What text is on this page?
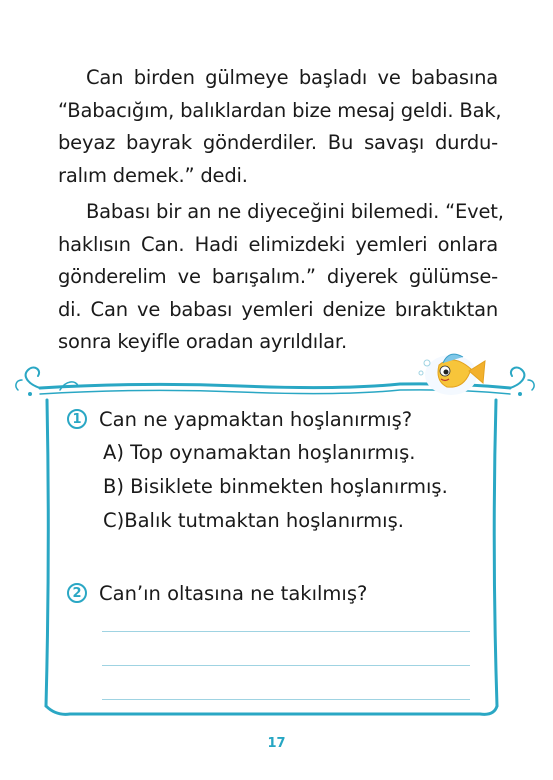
Can birden gülmeye başladı ve babasına
“Babacığım, balıklardan bize mesaj geldi. Bak,
beyaz bayrak gönderdiler. Bu savaşı durdu-
ralım demek.” dedi.

Babası bir an ne diyeceğini bilemedi. “Evet,
haklısın Can. Hadi elimizdeki yemleri onlara
gönderelim ve barışalım.” diyerek gülümse-
di. Can ve babası yemleri denize bıraktıktan
sonra keyifle oradan ayrıldılar.

1 Can ne yapmaktan hoşlanırmış?
A) Top oynamaktan hoşlanırmış.
B) Bisiklete binmekten hoşlanırmış.
C)Balık tutmaktan hoşlanırmış.
2 Can’ın oltasına ne takılmış?
17
